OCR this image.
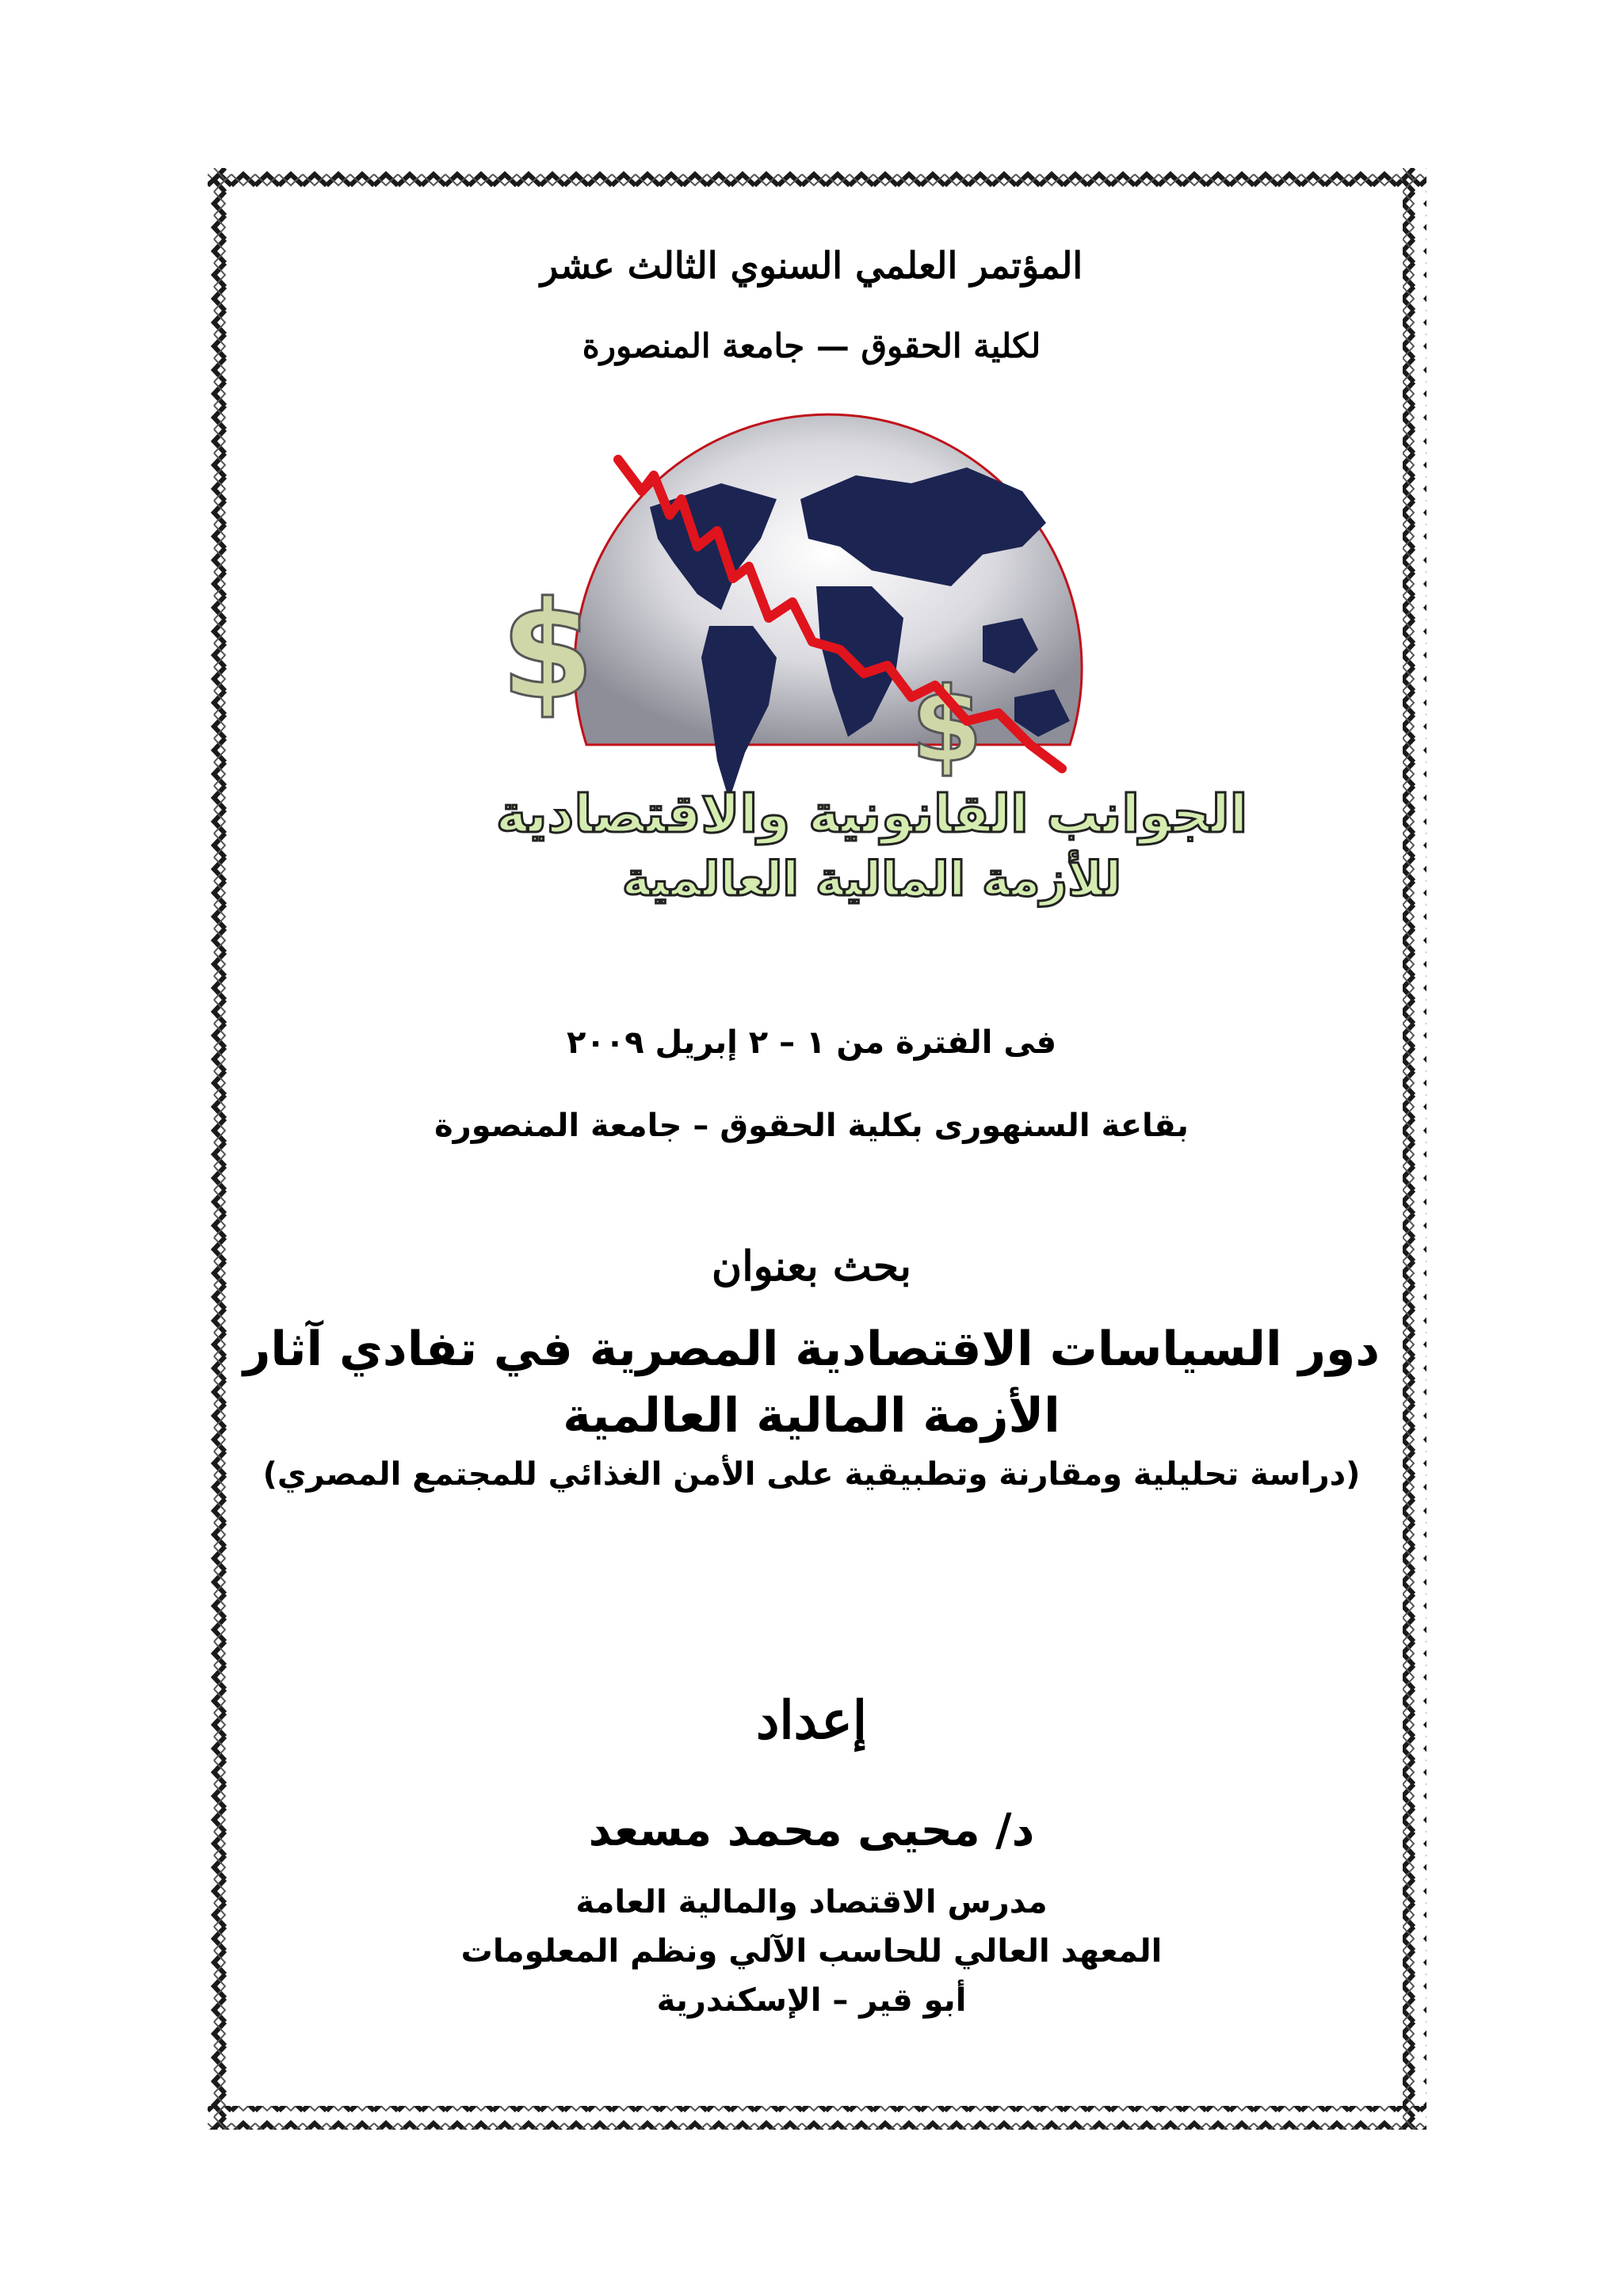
المؤتمر العلمي السنوي الثالث عشر
لكلية الحقوق — جامعة المنصورة
$	$
الجوانب القانونية والاقتصادية
للأزمة المالية العالمية
فى الفترة من ١ – ٢ إبريل ٢٠٠٩
بقاعة السنهورى بكلية الحقوق – جامعة المنصورة
بحث بعنوان
دور السياسات الاقتصادية المصرية في تفادي آثار
الأزمة المالية العالمية
(دراسة تحليلية ومقارنة وتطبيقية على الأمن الغذائي للمجتمع المصري)
إعداد
د/ محيى محمد مسعد
مدرس الاقتصاد والمالية العامة
المعهد العالي للحاسب الآلي ونظم المعلومات
أبو قير – الإسكندرية
